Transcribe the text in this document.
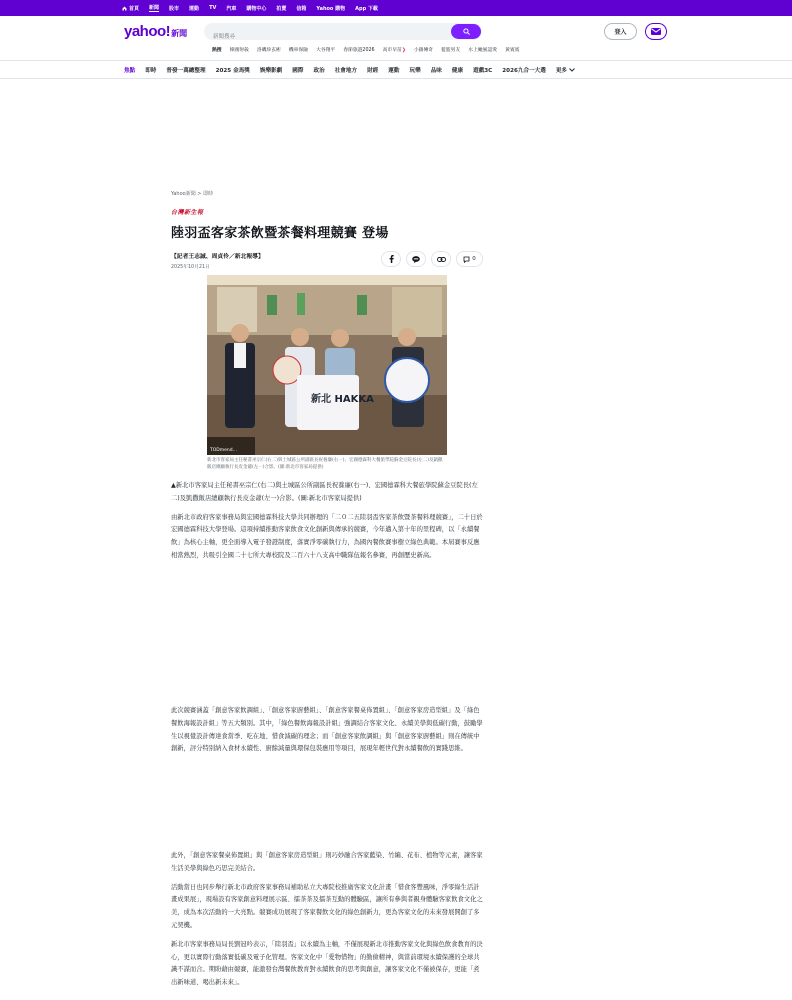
首頁 新聞 股市 運動 TV 汽車 購物中心 拍賣 信箱 Yahoo 購物 App 下載
yahoo! 新聞
新聞搜尋
熱搜 韓國射殺 洛磯珍玄彬 機車保險 大谷翔平 春節旅遊2026 高市早苗❯ 小鎮傳奇 籃籃男友 水上颱風認愛 黃賓賓
登入
焦點 即時 普發一萬總整理 2025 金馬獎 娛樂影劇 國際 政治 社會地方 財經 運動 玩樂 品味 健康 遊戲3C 2026九合一大選 更多
Yahoo新聞 > 即時
台灣新生報
陸羽盃客家茶飲暨茶餐料理競賽 登場
【記者王志誠、周貞伶／新北報導】
2025年10月21日
0
新北 HAKKA
TODmend...
新北市客家局主任秘書巫宗仁(右二)與土城區公所副區長祝養廉(右一)、宏國德霖科大餐旅學院蘇金豆院長(左二)及凱撒飯店總顧執行長皮金爺(左一)合影。(圖:新北市客家局提供)

▲新北市客家局主任秘書巫宗仁(右二)與土城區公所副區長祝養廉(右一)、宏國德霖科大餐旅學院蘇金豆院長(左二)及凱撒飯店總顧執行長皮金爺(左一)合影。(圖:新北市客家局提供)

由新北市政府客家事務局與宏國德霖科技大學共同辦理的「二０二五陸羽盃客家茶飲暨茶餐料理競賽」，二十日於宏國德霖科技大學登場。這項持續推動客家飲食文化創新與傳承的競賽，今年邁入第十年的里程碑，以「永續餐飲」為核心主軸，更全面導入電子發證制度，落實淨零碳執行力，為國內餐飲賽事樹立綠色典範。本屆賽事反應相當熱烈，共吸引全國二十七所大專校院及二百六十八支高中職隊伍報名參賽，再創歷史新高。

此次競賽涵蓋「創意客家飲調組」、「創意客家廚藝組」、「創意客家餐桌佈置組」、「創意客家房造型組」及「綠色餐飲海報設計組」等五大類別。其中，「綠色餐飲海報設計組」強調結合客家文化、永續美學與低碳行動，鼓勵學生以視覺設計傳達食當季、吃在地、惜食減碳的理念；而「創意客家飲調組」與「創意客家廚藝組」則在傳統中創新，評分特別納入食材永續性、廚餘減量與環保包裝應用等項目，展現年輕世代對永續餐飲的實踐思維。

此外，「創意客家餐桌佈置組」與「創意客家房造型組」則巧妙融合客家藍染、竹編、花布、植物等元素，讓客家生活美學與綠色巧思完美結合。

活動當日也同步舉行新北市政府客家事務局補助私立大專院校推廣客家文化計畫「惜食客豐風味，淨零綠生活計畫成果展」，現場設有客家創意料理展示區、擂茶茶及擂茶互動的體驗區，讓所有參與者親身體驗客家飲食文化之美，成為本次活動的一大亮點。競賽成功展現了客家餐飲文化的綠色創新力，更為客家文化的未來發展開創了多元契機。

新北市客家事務局局長劉冠吟表示，「陸羽盃」以永續為主軸，不僅展現新北市推動客家文化與綠色飲食教育的決心，更以實際行動落實低碳及電子化管理。客家文化中「愛物惜物」的勤儉精神，與當前環境永續保護的全球共識不謀而合。期盼藉由競賽，能激發台灣餐飲教育對永續飲食的思考與創意，讓客家文化不僅被保存，更能「煮出新味道、喝出新未來」。
